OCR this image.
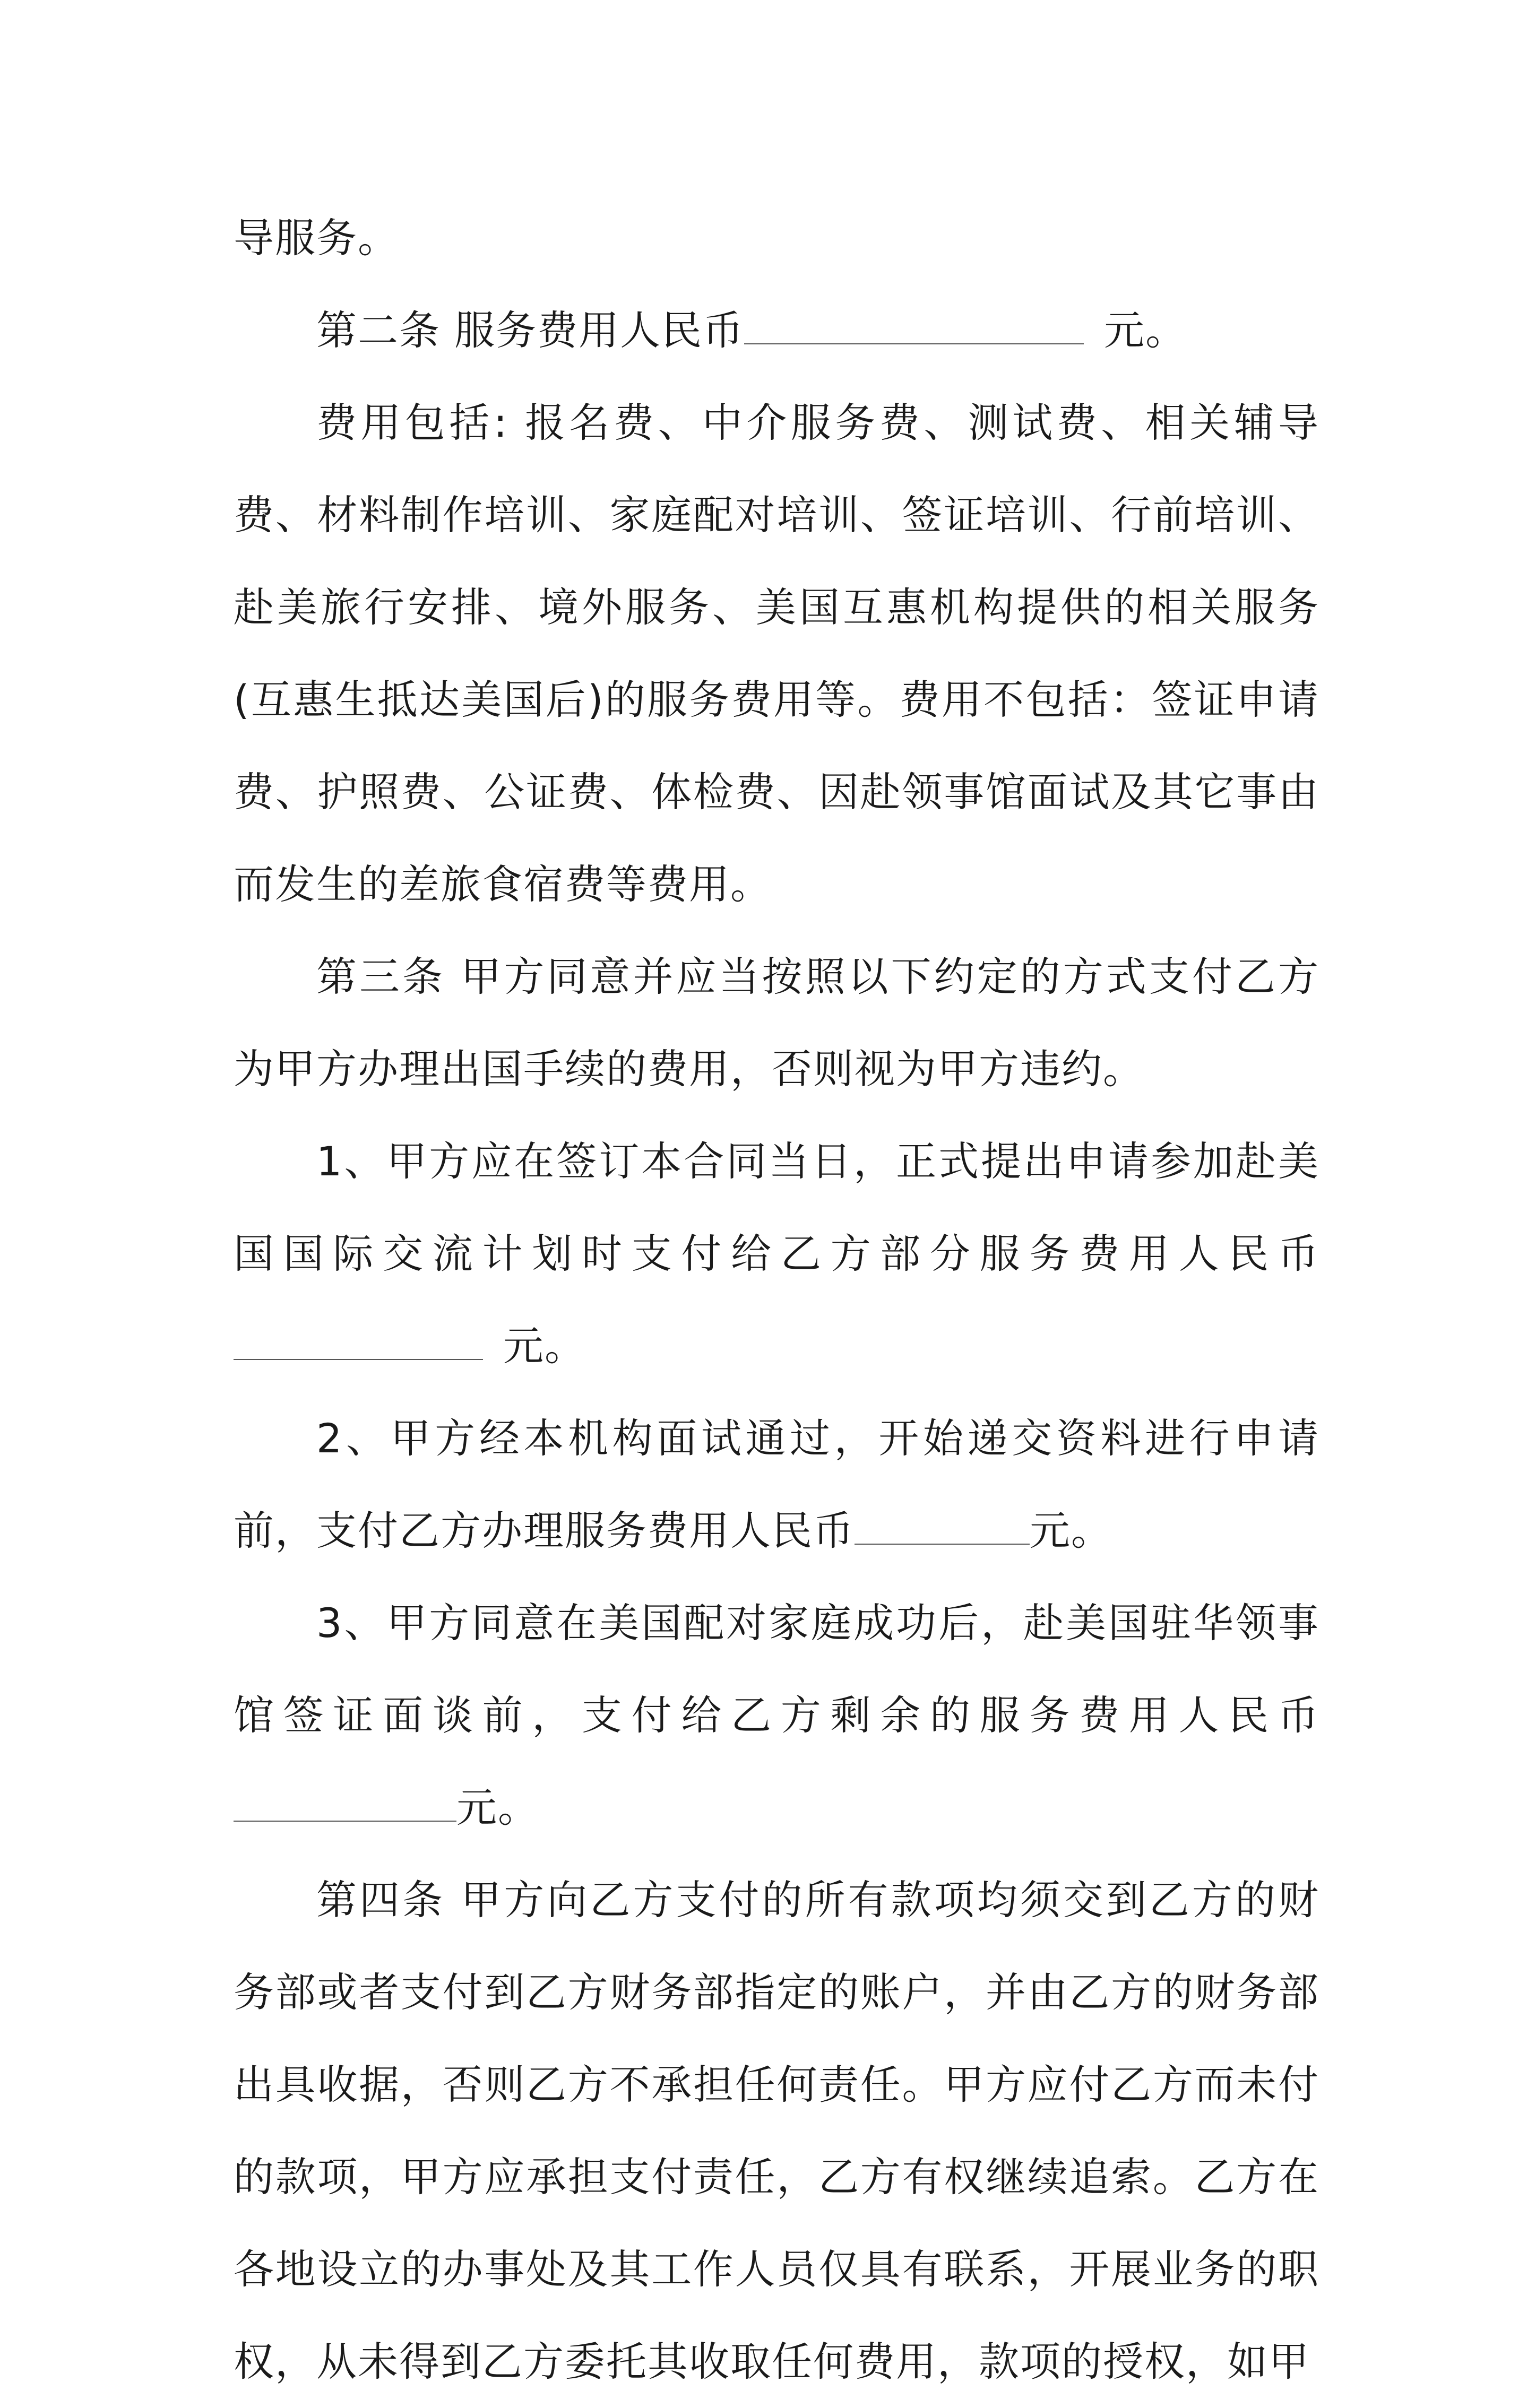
导服务。

第二条 服务费用人民币	元。

费用包括: 报名费、中介服务费、测试费、相关辅导费、材料制作培训、家庭配对培训、签证培训、行前培训、赴美旅行安排、境外服务、美国互惠机构提供的相关服务(互惠生抵达美国后)的服务费用等。费用不包括：签证申请费、护照费、公证费、体检费、因赴领事馆面试及其它事由而发生的差旅食宿费等费用。

第三条 甲方同意并应当按照以下约定的方式支付乙方为甲方办理出国手续的费用，否则视为甲方违约。

1、甲方应在签订本合同当日，正式提出申请参加赴美国国际交流计划时支付给乙方部分服务费用人民币元。

2、甲方经本机构面试通过，开始递交资料进行申请前，支付乙方办理服务费用人民币	元。

3、甲方同意在美国配对家庭成功后，赴美国驻华领事馆签证面谈前，支付给乙方剩余的服务费用人民币元。

第四条 甲方向乙方支付的所有款项均须交到乙方的财务部或者支付到乙方财务部指定的账户，并由乙方的财务部出具收据，否则乙方不承担任何责任。甲方应付乙方而未付的款项，甲方应承担支付责任，乙方有权继续追索。乙方在各地设立的办事处及其工作人员仅具有联系，开展业务的职权，从未得到乙方委托其收取任何费用，款项的授权，如甲
